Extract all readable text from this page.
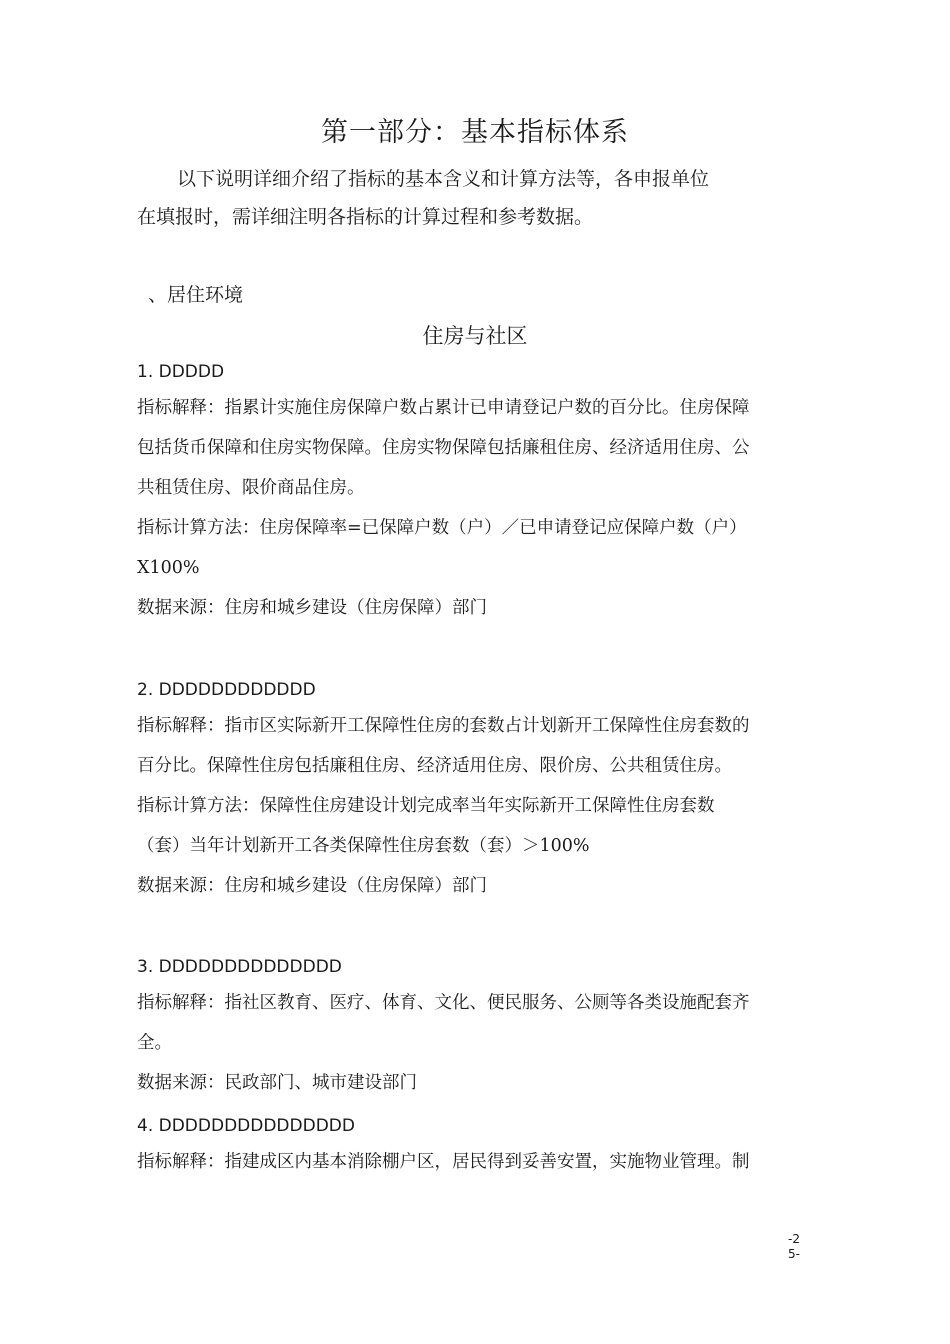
第一部分：基本指标体系
以下说明详细介绍了指标的基本含义和计算方法等，各申报单位
在填报时，需详细注明各指标的计算过程和参考数据。
、居住环境
住房与社区
1. DDDDD
指标解释：指累计实施住房保障户数占累计已申请登记户数的百分比。住房保障
包括货币保障和住房实物保障。住房实物保障包括廉租住房、经济适用住房、公
共租赁住房、限价商品住房。
指标计算方法：住房保障率=已保障户数（户）／已申请登记应保障户数（户）
X100%
数据来源：住房和城乡建设（住房保障）部门
2. DDDDDDDDDDDD
指标解释：指市区实际新开工保障性住房的套数占计划新开工保障性住房套数的
百分比。保障性住房包括廉租住房、经济适用住房、限价房、公共租赁住房。
指标计算方法：保障性住房建设计划完成率当年实际新开工保障性住房套数
（套）当年计划新开工各类保障性住房套数（套）＞100%
数据来源：住房和城乡建设（住房保障）部门
3. DDDDDDDDDDDDDD
指标解释：指社区教育、医疗、体育、文化、便民服务、公厕等各类设施配套齐
全。
数据来源：民政部门、城市建设部门
4. DDDDDDDDDDDDDDD
指标解释：指建成区内基本消除棚户区，居民得到妥善安置，实施物业管理。制
-2
5-
